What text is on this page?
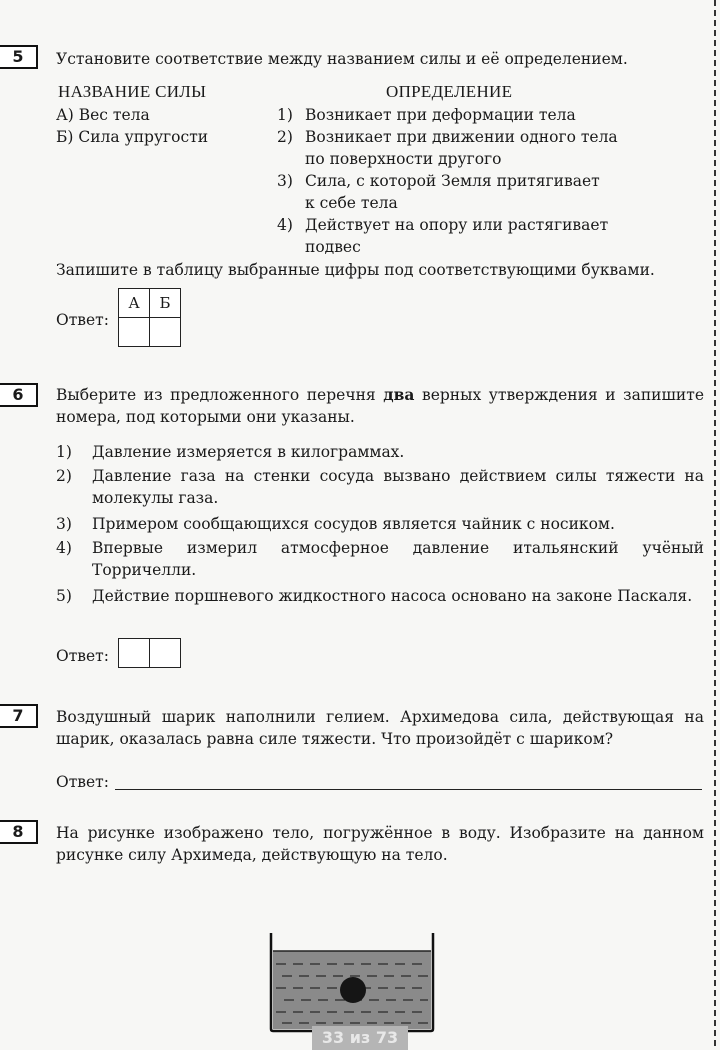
5	Установите соответствие между названием силы и её определением.
НАЗВАНИЕ СИЛЫ	ОПРЕДЕЛЕНИЕ
А) Вес тела
Б) Сила упругости
1) Возникает при деформации тела
2) Возникает при движении одного тела
по поверхности другого
3) Сила, с которой Земля притягивает
к себе тела
4) Действует на опору или растягивает
подвес
Запишите в таблицу выбранные цифры под соответствующими буквами.
Ответ:
А	Б

6	Выберите из предложенного перечня два верных утверждения и запишите номера, под которыми они указаны.
1) Давление измеряется в килограммах.
2) Давление газа на стенки сосуда вызвано действием силы тяжести на молекулы газа.
3) Примером сообщающихся сосудов является чайник с носиком.
4) Впервые измерил атмосферное давление итальянский учёный Торричелли.
5) Действие поршневого жидкостного насоса основано на законе Паскаля.
Ответ:

7	Воздушный шарик наполнили гелием. Архимедова сила, действующая на шарик, оказалась равна силе тяжести. Что произойдёт с шариком?
Ответ:
8	На рисунке изображено тело, погружённое в воду. Изобразите на данном рисунке силу Архимеда, действующую на тело.
33 из 73
